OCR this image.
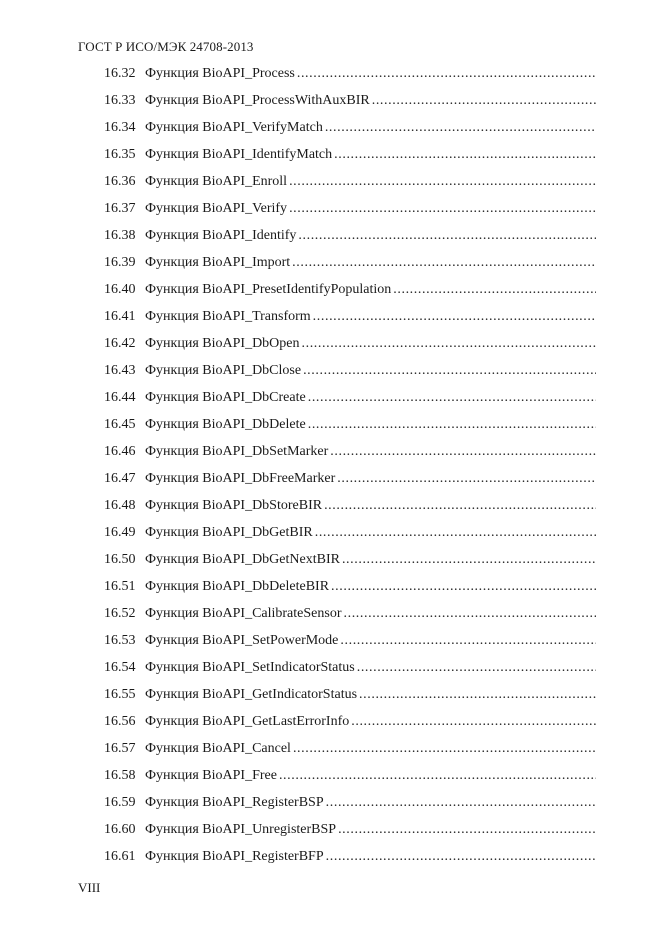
ГОСТ Р ИСО/МЭК 24708-2013
16.32 Функция BioAPI_Process
.....
16.33 Функция BioAPI_ProcessWithAuxBIR
.....
16.34 Функция BioAPI_VerifyMatch
.....
16.35 Функция BioAPI_IdentifyMatch
.....
16.36 Функция BioAPI_Enroll
.....
16.37 Функция BioAPI_Verify
.....
16.38 Функция BioAPI_Identify
.....
16.39 Функция BioAPI_Import
.....
16.40 Функция BioAPI_PresetIdentifyPopulation
.....
16.41 Функция BioAPI_Transform
.....
16.42 Функция BioAPI_DbOpen
.....
16.43 Функция BioAPI_DbClose
.....
16.44 Функция BioAPI_DbCreate
.....
16.45 Функция BioAPI_DbDelete
.....
16.46 Функция BioAPI_DbSetMarker
.....
16.47 Функция BioAPI_DbFreeMarker
.....
16.48 Функция BioAPI_DbStoreBIR
.....
16.49 Функция BioAPI_DbGetBIR
.....
16.50 Функция BioAPI_DbGetNextBIR
.....
16.51 Функция BioAPI_DbDeleteBIR
.....
16.52 Функция BioAPI_CalibrateSensor
.....
16.53 Функция BioAPI_SetPowerMode
.....
16.54 Функция BioAPI_SetIndicatorStatus
.....
16.55 Функция BioAPI_GetIndicatorStatus
.....
16.56 Функция BioAPI_GetLastErrorInfo
.....
16.57 Функция BioAPI_Cancel
.....
16.58 Функция BioAPI_Free
.....
16.59 Функция BioAPI_RegisterBSP
.....
16.60 Функция BioAPI_UnregisterBSP
.....
16.61 Функция BioAPI_RegisterBFP
.....
VIII
